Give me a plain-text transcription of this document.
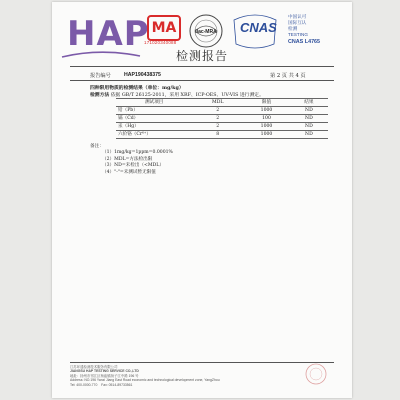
HAP MA
171020340088
ilac-MRA CNAS
中国认可
国际互认
检测
TESTING
CNAS L4765
检测报告
报告编号	HAP190438375	第 2 页 共 4 页
四种限用物质的检测结果（单位：mg/kg）
检测方法 依据 GB/T 26125-2011，采用 XRF、ICP-OES、UV-VIS 进行测定。
测试项目	MDL	限值	结果
铅（Pb）	2	1000	ND
镉（Cd）	2	100	ND
汞（Hg）	2	1000	ND
六价铬（Cr⁶⁺）	8	1000	ND
备注：
（1）1mg/kg=1ppm=0.0001%
（2）MDL=方法检出限
（3）ND=未检出（<MDL）
（4）"-"=未测试暂无限值
江苏环通检测技术服务有限公司
JIANGSU HAP TESTING SERVICE CO.,LTD
地址：扬州市邗江区杨庙镇扬子江中路 196 号
Address: NO.196 Yanzi Jiang East Road economic and technological development zone, YangZhou
Tel: 400-0000-770 Fax: 0514-89733561
